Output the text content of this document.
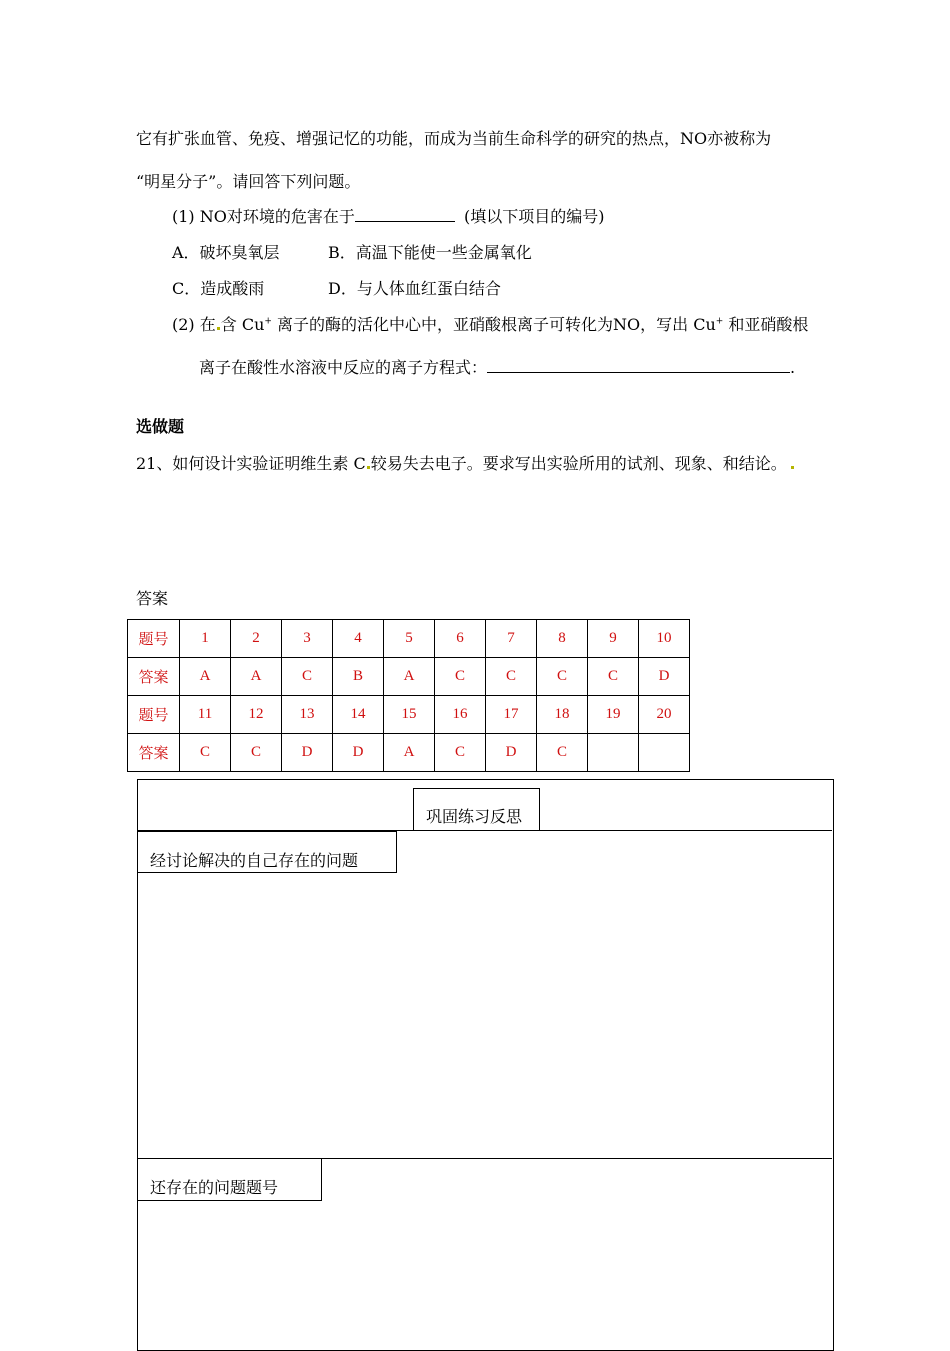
它有扩张血管、免疫、增强记忆的功能，而成为当前生命科学的研究的热点，NO亦被称为
“明星分子”。请回答下列问题。
(1) NO对环境的危害在于	(填以下项目的编号)
A．破坏臭氧层	B．高温下能使一些金属氧化
C．造成酸雨	D．与人体血红蛋白结合
(2) 在 含 Cu+ 离子的酶的活化中心中，亚硝酸根离子可转化为NO，写出 Cu+ 和亚硝酸根
离子在酸性水溶液中反应的离子方程式：	.
选做题
21、如何设计实验证明维生素 C 较易失去电子。要求写出实验所用的试剂、现象、和结论。
答案
题号	1	2	3	4	5	6	7	8	9	10
答案	A	A	C	B	A	C	C	C	C	D
题号	11	12	13	14	15	16	17	18	19	20
答案	C	C	D	D	A	C	D	C		
巩固练习反思
经讨论解决的自己存在的问题
还存在的问题题号
